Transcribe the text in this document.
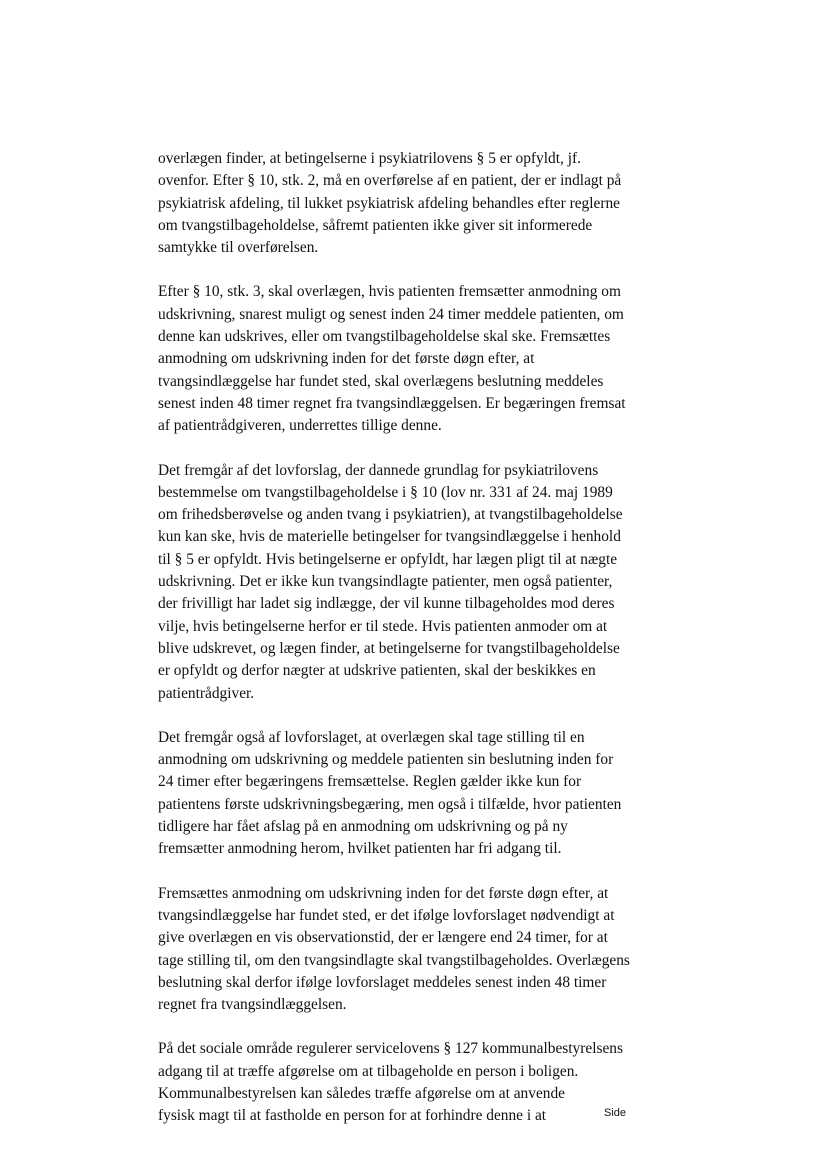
overlægen finder, at betingelserne i psykiatrilovens § 5 er opfyldt, jf.
ovenfor. Efter § 10, stk. 2, må en overførelse af en patient, der er indlagt på
psykiatrisk afdeling, til lukket psykiatrisk afdeling behandles efter reglerne
om tvangstilbageholdelse, såfremt patienten ikke giver sit informerede
samtykke til overførelsen.

Efter § 10, stk. 3, skal overlægen, hvis patienten fremsætter anmodning om
udskrivning, snarest muligt og senest inden 24 timer meddele patienten, om
denne kan udskrives, eller om tvangstilbageholdelse skal ske. Fremsættes
anmodning om udskrivning inden for det første døgn efter, at
tvangsindlæggelse har fundet sted, skal overlægens beslutning meddeles
senest inden 48 timer regnet fra tvangsindlæggelsen. Er begæringen fremsat
af patientrådgiveren, underrettes tillige denne.

Det fremgår af det lovforslag, der dannede grundlag for psykiatrilovens
bestemmelse om tvangstilbageholdelse i § 10 (lov nr. 331 af 24. maj 1989
om frihedsberøvelse og anden tvang i psykiatrien), at tvangstilbageholdelse
kun kan ske, hvis de materielle betingelser for tvangsindlæggelse i henhold
til § 5 er opfyldt. Hvis betingelserne er opfyldt, har lægen pligt til at nægte
udskrivning. Det er ikke kun tvangsindlagte patienter, men også patienter,
der frivilligt har ladet sig indlægge, der vil kunne tilbageholdes mod deres
vilje, hvis betingelserne herfor er til stede. Hvis patienten anmoder om at
blive udskrevet, og lægen finder, at betingelserne for tvangstilbageholdelse
er opfyldt og derfor nægter at udskrive patienten, skal der beskikkes en
patientrådgiver.

Det fremgår også af lovforslaget, at overlægen skal tage stilling til en
anmodning om udskrivning og meddele patienten sin beslutning inden for
24 timer efter begæringens fremsættelse. Reglen gælder ikke kun for
patientens første udskrivningsbegæring, men også i tilfælde, hvor patienten
tidligere har fået afslag på en anmodning om udskrivning og på ny
fremsætter anmodning herom, hvilket patienten har fri adgang til.

Fremsættes anmodning om udskrivning inden for det første døgn efter, at
tvangsindlæggelse har fundet sted, er det ifølge lovforslaget nødvendigt at
give overlægen en vis observationstid, der er længere end 24 timer, for at
tage stilling til, om den tvangsindlagte skal tvangstilbageholdes. Overlægens
beslutning skal derfor ifølge lovforslaget meddeles senest inden 48 timer
regnet fra tvangsindlæggelsen.

På det sociale område regulerer servicelovens § 127 kommunalbestyrelsens
adgang til at træffe afgørelse om at tilbageholde en person i boligen.
Kommunalbestyrelsen kan således træffe afgørelse om at anvende
fysisk magt til at fastholde en person for at forhindre denne i at	Side
